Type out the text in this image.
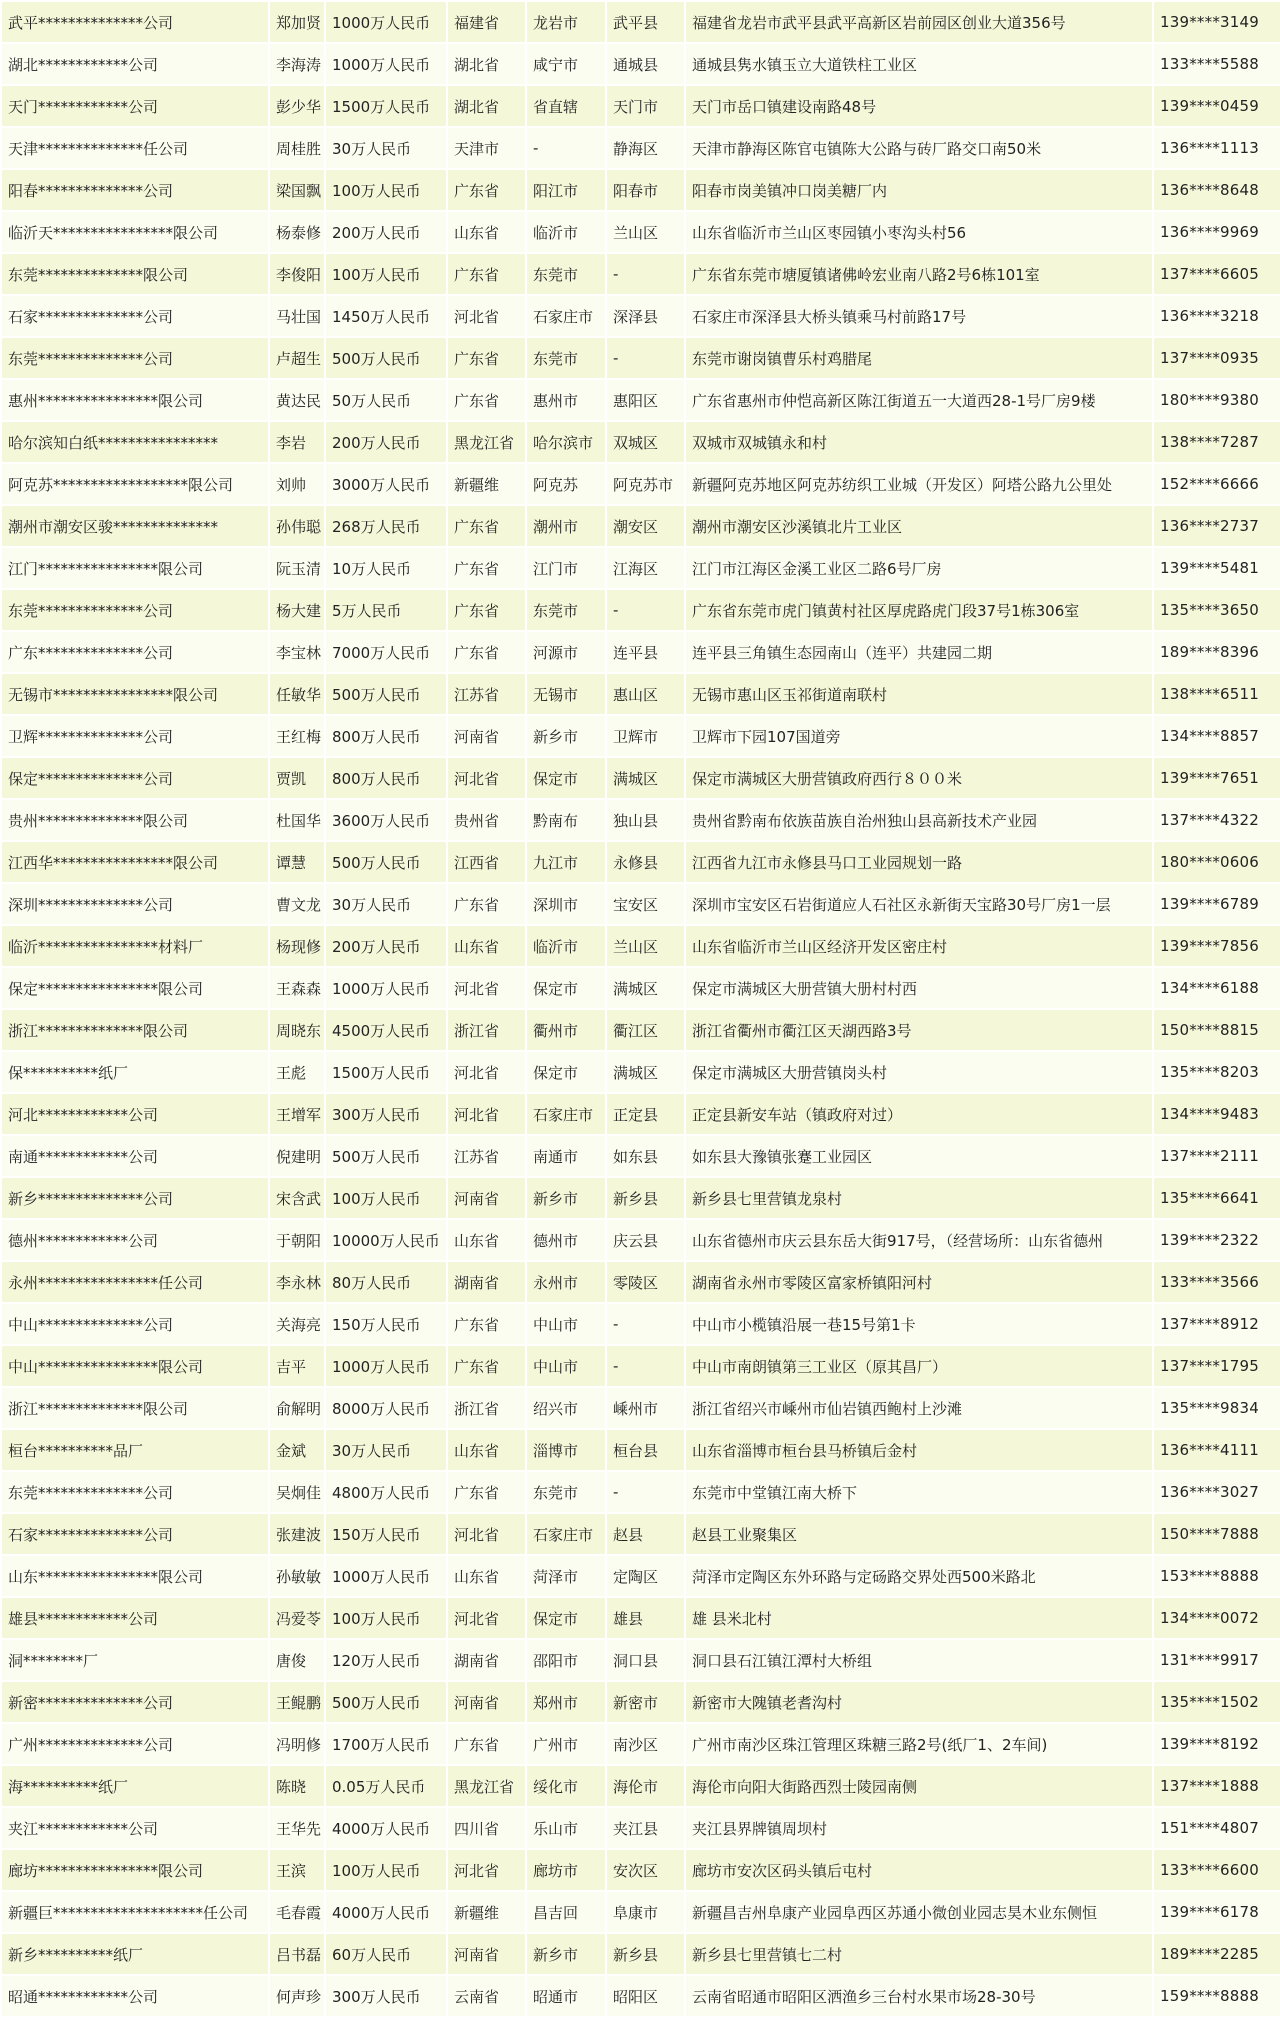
武平**************公司	郑加贤	1000万人民币	福建省	龙岩市	武平县	福建省龙岩市武平县武平高新区岩前园区创业大道356号	139****3149
湖北************公司	李海涛	1000万人民币	湖北省	咸宁市	通城县	通城县隽水镇玉立大道铁柱工业区	133****5588
天门************公司	彭少华	1500万人民币	湖北省	省直辖	天门市	天门市岳口镇建设南路48号	139****0459
天津**************任公司	周桂胜	30万人民币	天津市	-	静海区	天津市静海区陈官屯镇陈大公路与砖厂路交口南50米	136****1113
阳春**************公司	梁国飘	100万人民币	广东省	阳江市	阳春市	阳春市岗美镇冲口岗美糖厂内	136****8648
临沂天****************限公司	杨泰修	200万人民币	山东省	临沂市	兰山区	山东省临沂市兰山区枣园镇小枣沟头村56	136****9969
东莞**************限公司	李俊阳	100万人民币	广东省	东莞市	-	广东省东莞市塘厦镇诸佛岭宏业南八路2号6栋101室	137****6605
石家**************公司	马壮国	1450万人民币	河北省	石家庄市	深泽县	石家庄市深泽县大桥头镇乘马村前路17号	136****3218
东莞**************公司	卢超生	500万人民币	广东省	东莞市	-	东莞市谢岗镇曹乐村鸡腊尾	137****0935
惠州****************限公司	黄达民	50万人民币	广东省	惠州市	惠阳区	广东省惠州市仲恺高新区陈江街道五一大道西28-1号厂房9楼	180****9380
哈尔滨知白纸****************	李岩	200万人民币	黑龙江省	哈尔滨市	双城区	双城市双城镇永和村	138****7287
阿克苏******************限公司	刘帅	3000万人民币	新疆维	阿克苏	阿克苏市	新疆阿克苏地区阿克苏纺织工业城（开发区）阿塔公路九公里处	152****6666
潮州市潮安区骏**************	孙伟聪	268万人民币	广东省	潮州市	潮安区	潮州市潮安区沙溪镇北片工业区	136****2737
江门****************限公司	阮玉清	10万人民币	广东省	江门市	江海区	江门市江海区金溪工业区二路6号厂房	139****5481
东莞**************公司	杨大建	5万人民币	广东省	东莞市	-	广东省东莞市虎门镇黄村社区厚虎路虎门段37号1栋306室	135****3650
广东**************公司	李宝林	7000万人民币	广东省	河源市	连平县	连平县三角镇生态园南山（连平）共建园二期	189****8396
无锡市****************限公司	任敏华	500万人民币	江苏省	无锡市	惠山区	无锡市惠山区玉祁街道南联村	138****6511
卫辉**************公司	王红梅	800万人民币	河南省	新乡市	卫辉市	卫辉市下园107国道旁	134****8857
保定**************公司	贾凯	800万人民币	河北省	保定市	满城区	保定市满城区大册营镇政府西行８００米	139****7651
贵州**************限公司	杜国华	3600万人民币	贵州省	黔南布	独山县	贵州省黔南布依族苗族自治州独山县高新技术产业园	137****4322
江西华****************限公司	谭慧	500万人民币	江西省	九江市	永修县	江西省九江市永修县马口工业园规划一路	180****0606
深圳**************公司	曹文龙	30万人民币	广东省	深圳市	宝安区	深圳市宝安区石岩街道应人石社区永新街天宝路30号厂房1一层	139****6789
临沂****************材料厂	杨现修	200万人民币	山东省	临沂市	兰山区	山东省临沂市兰山区经济开发区密庄村	139****7856
保定****************限公司	王森森	1000万人民币	河北省	保定市	满城区	保定市满城区大册营镇大册村村西	134****6188
浙江**************限公司	周晓东	4500万人民币	浙江省	衢州市	衢江区	浙江省衢州市衢江区天湖西路3号	150****8815
保**********纸厂	王彪	1500万人民币	河北省	保定市	满城区	保定市满城区大册营镇岗头村	135****8203
河北************公司	王增军	300万人民币	河北省	石家庄市	正定县	正定县新安车站（镇政府对过）	134****9483
南通************公司	倪建明	500万人民币	江苏省	南通市	如东县	如东县大豫镇张蹇工业园区	137****2111
新乡**************公司	宋含武	100万人民币	河南省	新乡市	新乡县	新乡县七里营镇龙泉村	135****6641
德州************公司	于朝阳	10000万人民币	山东省	德州市	庆云县	山东省德州市庆云县东岳大街917号，（经营场所：山东省德州	139****2322
永州****************任公司	李永林	80万人民币	湖南省	永州市	零陵区	湖南省永州市零陵区富家桥镇阳河村	133****3566
中山**************公司	关海亮	150万人民币	广东省	中山市	-	中山市小榄镇沿展一巷15号第1卡	137****8912
中山****************限公司	吉平	1000万人民币	广东省	中山市	-	中山市南朗镇第三工业区（原其昌厂）	137****1795
浙江**************限公司	俞解明	8000万人民币	浙江省	绍兴市	嵊州市	浙江省绍兴市嵊州市仙岩镇西鲍村上沙滩	135****9834
桓台**********品厂	金斌	30万人民币	山东省	淄博市	桓台县	山东省淄博市桓台县马桥镇后金村	136****4111
东莞**************公司	吴炯佳	4800万人民币	广东省	东莞市	-	东莞市中堂镇江南大桥下	136****3027
石家**************公司	张建波	150万人民币	河北省	石家庄市	赵县	赵县工业聚集区	150****7888
山东****************限公司	孙敏敏	1000万人民币	山东省	菏泽市	定陶区	菏泽市定陶区东外环路与定砀路交界处西500米路北	153****8888
雄县************公司	冯爱苓	100万人民币	河北省	保定市	雄县	雄 县米北村	134****0072
洞********厂	唐俊	120万人民币	湖南省	邵阳市	洞口县	洞口县石江镇江潭村大桥组	131****9917
新密**************公司	王鲲鹏	500万人民币	河南省	郑州市	新密市	新密市大隗镇老耆沟村	135****1502
广州**************公司	冯明修	1700万人民币	广东省	广州市	南沙区	广州市南沙区珠江管理区珠糖三路2号(纸厂1、2车间)	139****8192
海**********纸厂	陈晓	0.05万人民币	黑龙江省	绥化市	海伦市	海伦市向阳大街路西烈士陵园南侧	137****1888
夹江************公司	王华先	4000万人民币	四川省	乐山市	夹江县	夹江县界牌镇周坝村	151****4807
廊坊****************限公司	王滨	100万人民币	河北省	廊坊市	安次区	廊坊市安次区码头镇后屯村	133****6600
新疆巨********************任公司	毛春霞	4000万人民币	新疆维	昌吉回	阜康市	新疆昌吉州阜康产业园阜西区苏通小微创业园志昊木业东侧恒	139****6178
新乡**********纸厂	吕书磊	60万人民币	河南省	新乡市	新乡县	新乡县七里营镇七二村	189****2285
昭通************公司	何声珍	300万人民币	云南省	昭通市	昭阳区	云南省昭通市昭阳区洒渔乡三台村水果市场28-30号	159****8888
